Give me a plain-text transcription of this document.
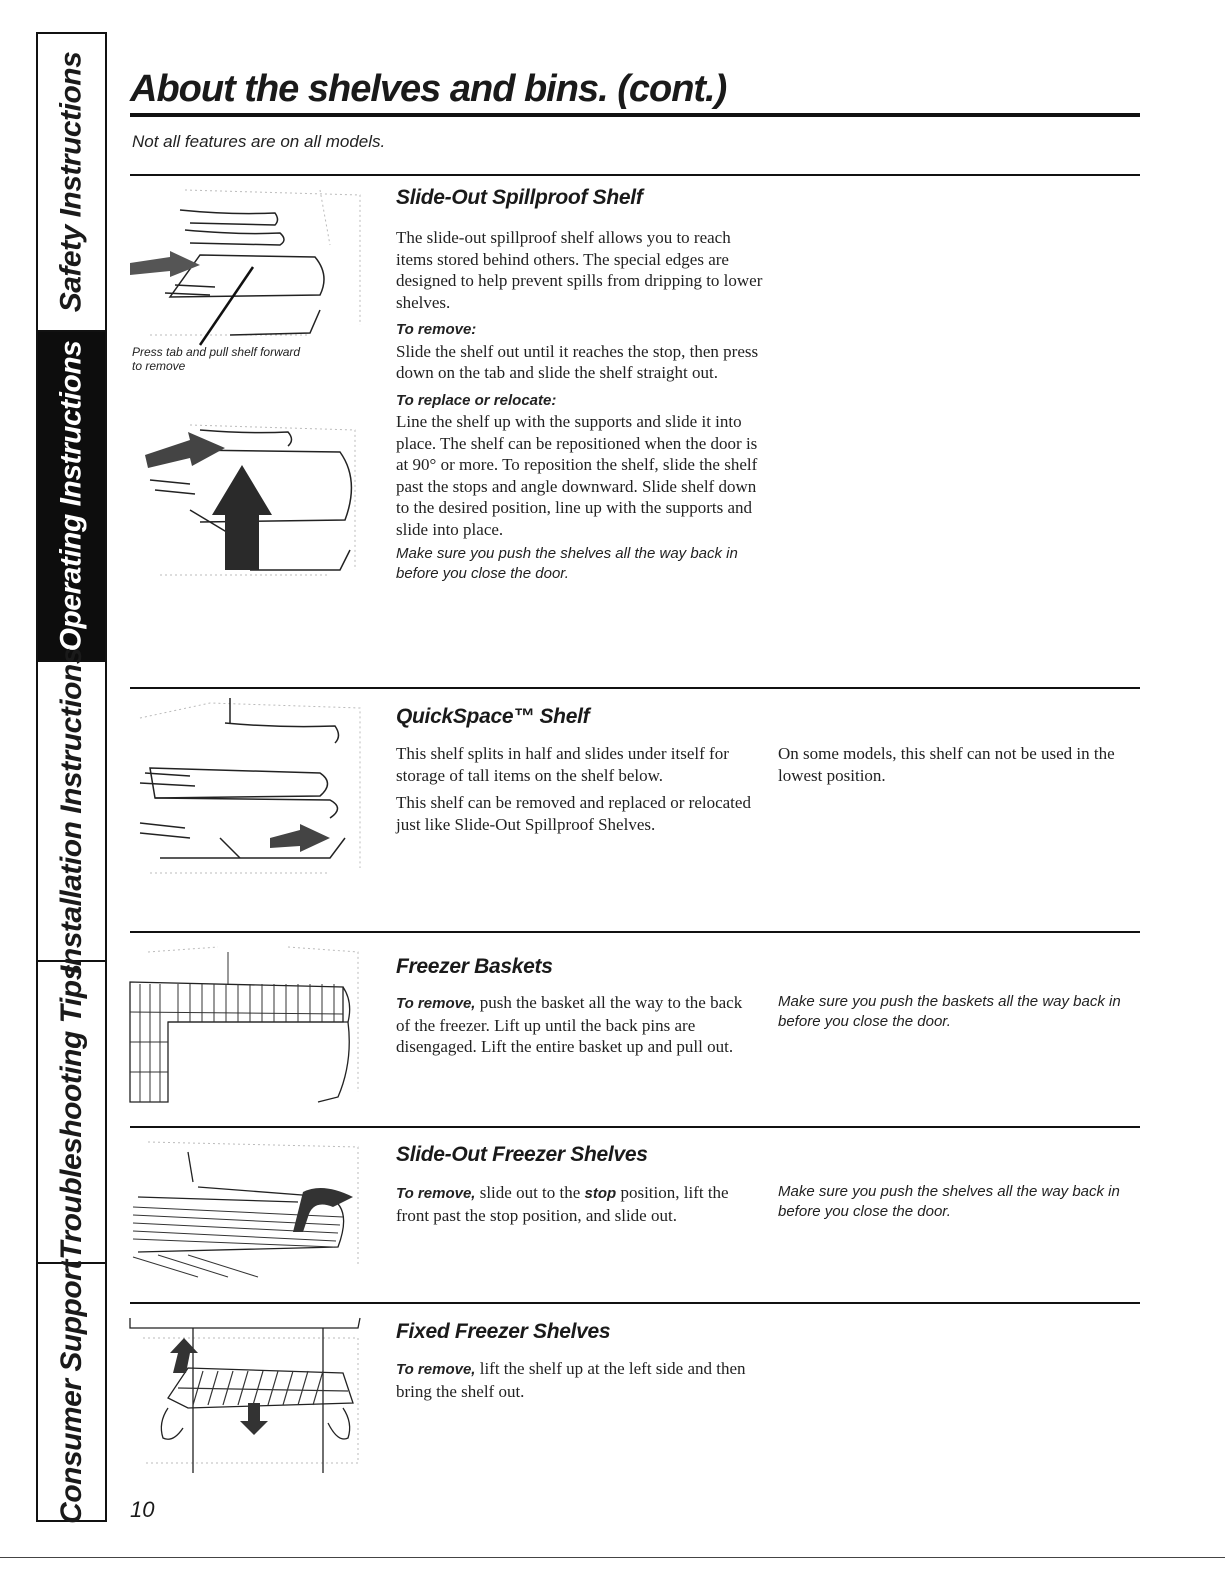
Safety Instructions
Operating Instructions
Installation Instructions
Troubleshooting Tips
Consumer Support
About the shelves and bins. (cont.)
Not all features are on all models.
Press tab and pull shelf forward to remove
Slide-Out Spillproof Shelf
The slide-out spillproof shelf allows you to reach items stored behind others. The special edges are designed to help prevent spills from dripping to lower shelves.
To remove:
Slide the shelf out until it reaches the stop, then press down on the tab and slide the shelf straight out.
To replace or relocate:
Line the shelf up with the supports and slide it into place. The shelf can be repositioned when the door is at 90° or more. To reposition the shelf, slide the shelf past the stops and angle downward. Slide shelf down to the desired position, line up with the supports and slide into place.
Make sure you push the shelves all the way back in before you close the door.
QuickSpace™ Shelf
This shelf splits in half and slides under itself for storage of tall items on the shelf below.
This shelf can be removed and replaced or relocated just like Slide-Out Spillproof Shelves.
On some models, this shelf can not be used in the lowest position.
Freezer Baskets
To remove, push the basket all the way to the back of the freezer. Lift up until the back pins are disengaged. Lift the entire basket up and pull out.
Make sure you push the baskets all the way back in before you close the door.
Slide-Out Freezer Shelves
To remove, slide out to the stop position, lift the front past the stop position, and slide out.
Make sure you push the shelves all the way back in before you close the door.
Fixed Freezer Shelves
To remove, lift the shelf up at the left side and then bring the shelf out.
10
